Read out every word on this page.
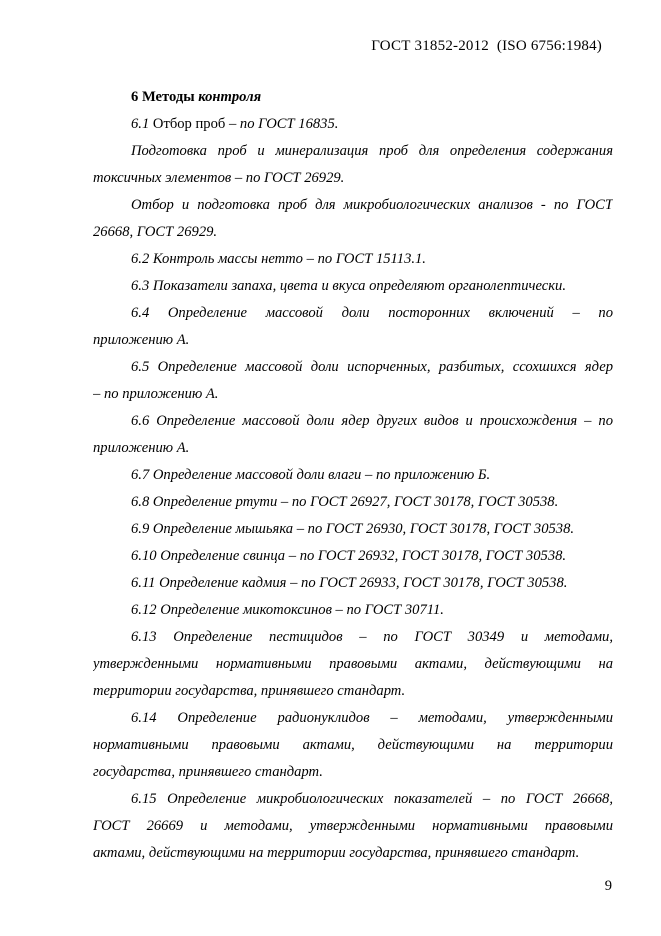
ГОСТ 31852-2012  (ISO 6756:1984)
6 Методы контроля
6.1 Отбор проб – по ГОСТ 16835.
Подготовка проб и минерализация проб для определения содержания
токсичных элементов – по ГОСТ 26929.
Отбор и подготовка проб для микробиологических анализов - по ГОСТ
26668, ГОСТ 26929.
6.2 Контроль массы нетто – по ГОСТ 15113.1.
6.3 Показатели запаха, цвета и вкуса определяют органолептически.
6.4 Определение массовой доли посторонних включений – по
приложению А.
6.5 Определение массовой доли испорченных, разбитых, ссохшихся ядер
– по приложению А.
6.6 Определение массовой доли ядер других видов и происхождения – по
приложению А.
6.7 Определение массовой доли влаги – по приложению Б.
6.8 Определение ртути – по ГОСТ 26927, ГОСТ 30178, ГОСТ 30538.
6.9 Определение мышьяка – по ГОСТ 26930, ГОСТ 30178, ГОСТ 30538.
6.10 Определение свинца – по ГОСТ 26932, ГОСТ 30178, ГОСТ 30538.
6.11 Определение кадмия – по ГОСТ 26933, ГОСТ 30178, ГОСТ 30538.
6.12 Определение микотоксинов – по ГОСТ 30711.
6.13 Определение пестицидов – по ГОСТ 30349 и методами,
утвержденными нормативными правовыми актами, действующими на
территории государства, принявшего стандарт.
6.14 Определение радионуклидов – методами, утвержденными
нормативными правовыми актами, действующими на территории
государства, принявшего стандарт.
6.15 Определение микробиологических показателей – по ГОСТ 26668,
ГОСТ 26669 и методами, утвержденными нормативными правовыми
актами, действующими на территории государства, принявшего стандарт.
9
